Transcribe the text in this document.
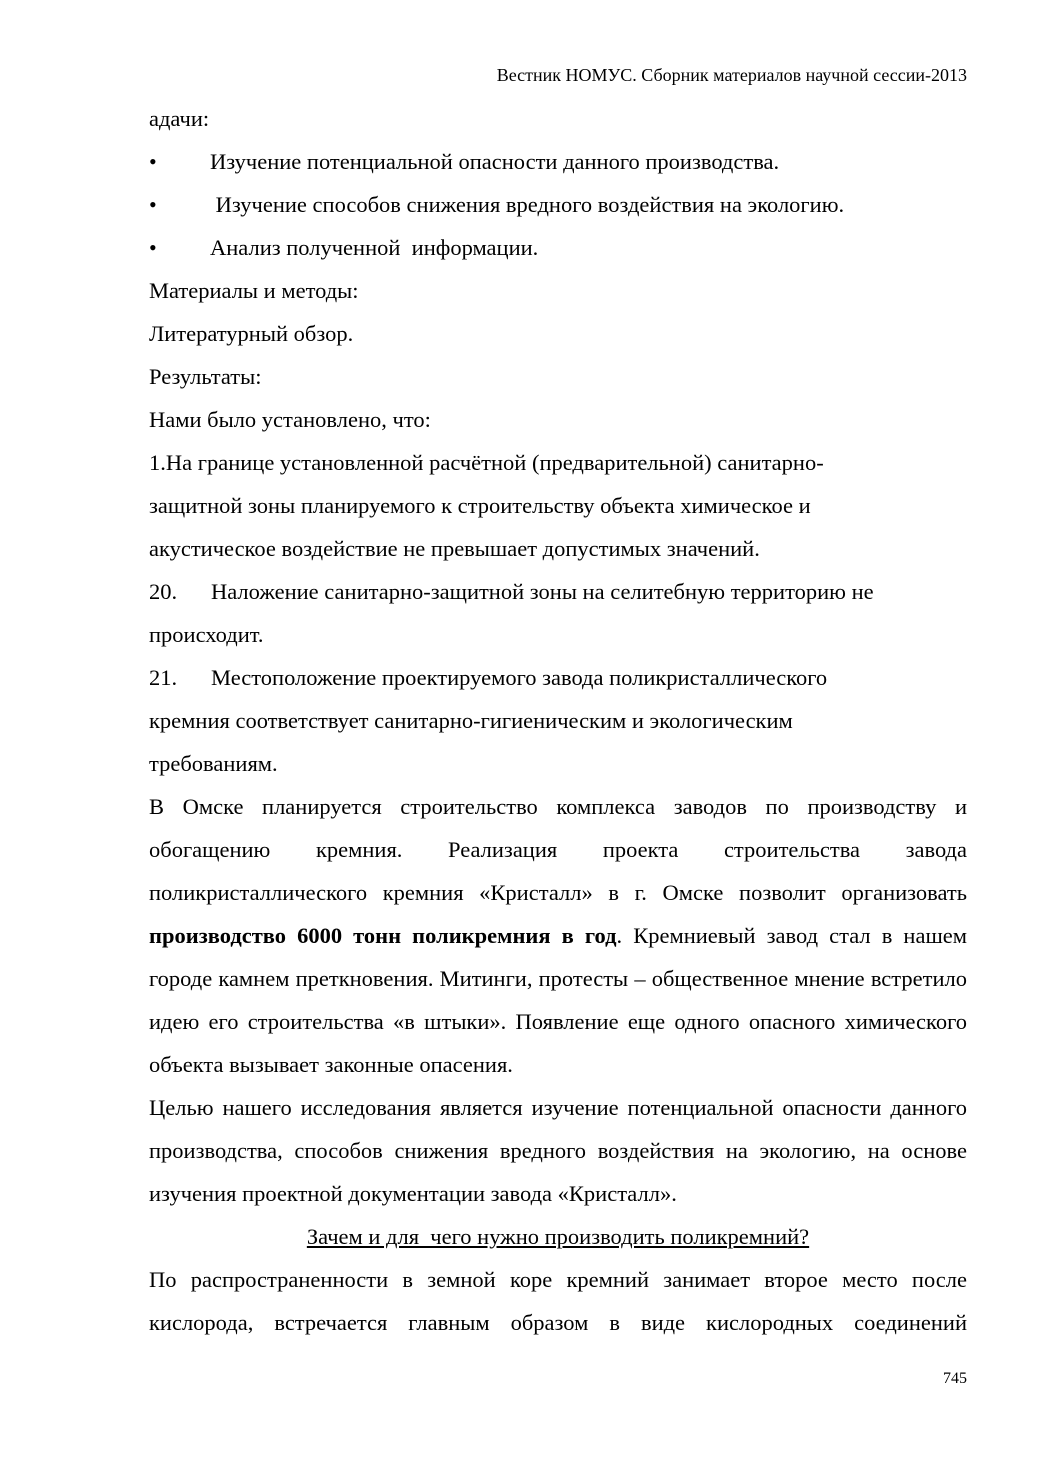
Вестник НОМУС. Сборник материалов научной сессии-2013

адачи:

•	Изучение потенциальной опасности данного производства.

•	Изучение способов снижения вредного воздействия на экологию.

•	Анализ полученной  информации.

Материалы и методы:

Литературный обзор.

Результаты:

Нами было установлено, что:

1.На границе установленной расчётной (предварительной) санитарно-

защитной зоны планируемого к строительству объекта химическое и

акустическое воздействие не превышает допустимых значений.

20.	Наложение санитарно-защитной зоны на селитебную территорию не

происходит.

21.	Местоположение проектируемого завода поликристаллического

кремния соответствует санитарно-гигиеническим и экологическим

требованиям.

В Омске планируется строительство комплекса заводов по производству и обогащению кремния. Реализация проекта строительства завода поликристаллического кремния «Кристалл» в г. Омске позволит организовать производство 6000 тонн поликремния в год. Кремниевый завод стал в нашем городе камнем преткновения. Митинги, протесты – общественное мнение встретило идею его строительства «в штыки». Появление еще одного опасного химического объекта вызывает законные опасения.

Целью нашего исследования является изучение потенциальной опасности данного производства, способов снижения вредного воздействия на экологию, на основе изучения проектной документации завода «Кристалл».

Зачем и для  чего нужно производить поликремний?

По распространенности в земной коре кремний занимает второе место после кислорода, встречается главным образом в виде кислородных соединений

745
